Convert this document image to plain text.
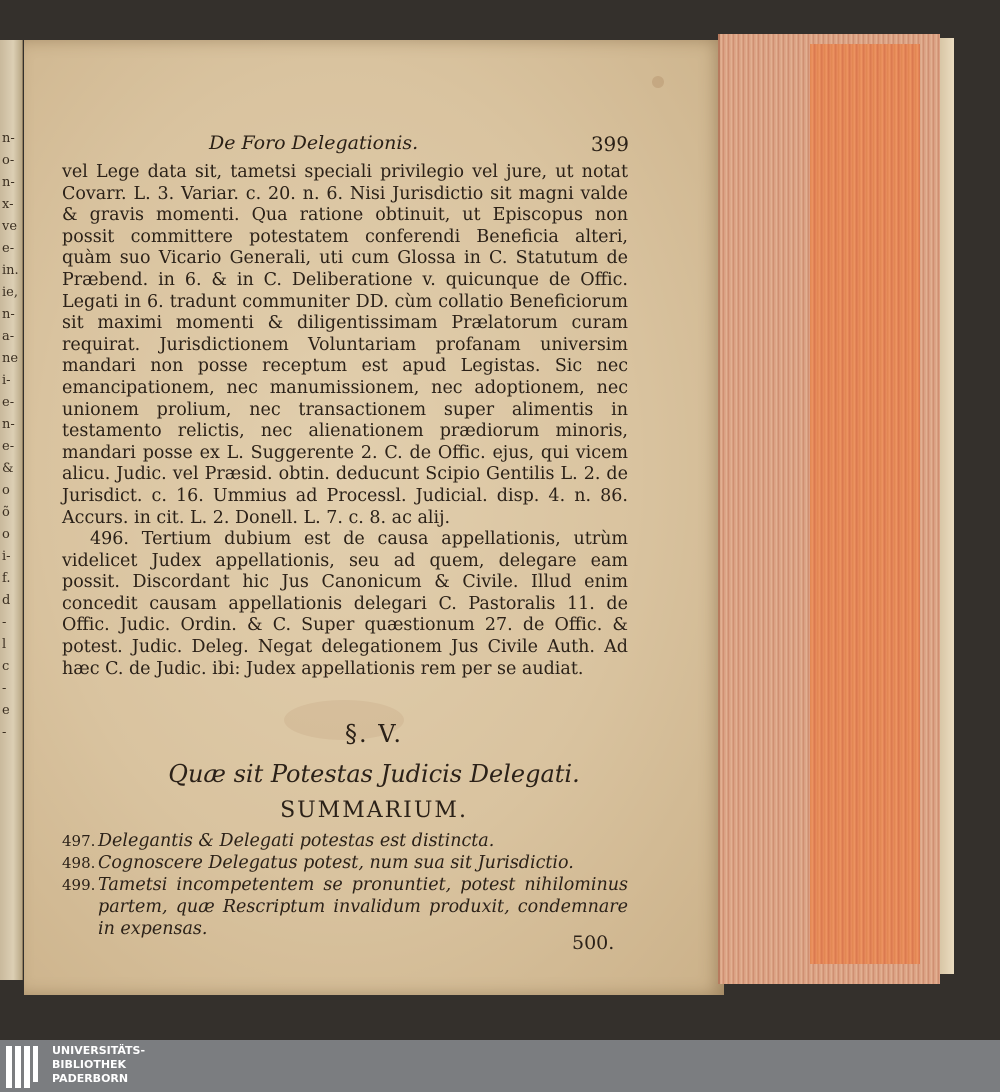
n-
o-
n-
x-
ve
e-
in.
ie,
n-
a-
ne
i-
e-
n-
e-
&
o
õ
o
i-
f.
d
-
l
c
-
e
-
De Foro Delegationis.	399

vel Lege data sit, tametsi speciali privilegio vel jure, ut notat Covarr. L. 3. Variar. c. 20. n. 6. Nisi Jurisdictio sit magni valde & gravis momenti. Qua ratione obtinuit, ut Episcopus non possit committere potestatem conferendi Beneficia alteri, quàm suo Vicario Generali, uti cum Glossa in C. Statutum de Præbend. in 6. & in C. Deliberatione v. quicunque de Offic. Legati in 6. tradunt communiter DD. cùm collatio Beneficiorum sit maximi momenti & diligentissimam Prælatorum curam requirat. Jurisdictionem Voluntariam profanam universim mandari non posse receptum est apud Legistas. Sic nec emancipationem, nec manumissionem, nec adoptionem, nec unionem prolium, nec transactionem super alimentis in testamento relictis, nec alienationem prædiorum minoris, mandari posse ex L. Suggerente 2. C. de Offic. ejus, qui vicem alicu. Judic. vel Præsid. obtin. deducunt Scipio Gentilis L. 2. de Jurisdict. c. 16. Ummius ad Processl. Judicial. disp. 4. n. 86. Accurs. in cit. L. 2. Donell. L. 7. c. 8. ac alij.

496. Tertium dubium est de causa appellationis, utrùm videlicet Judex appellationis, seu ad quem, delegare eam possit. Discordant hic Jus Canonicum & Civile. Illud enim concedit causam appellationis delegari C. Pastoralis 11. de Offic. Judic. Ordin. & C. Super quæstionum 27. de Offic. & potest. Judic. Deleg. Negat delegationem Jus Civile Auth. Ad hæc C. de Judic. ibi: Judex appellationis rem per se audiat.

§. V.
Quæ sit Potestas Judicis Delegati.
SUMMARIUM.
497. Delegantis & Delegati potestas est distincta.
498. Cognoscere Delegatus potest, num sua sit Jurisdictio.
499. Tametsi incompetentem se pronuntiet, potest nihilominus partem, quæ Rescriptum invalidum produxit, condemnare in expensas.
500.
UNIVERSITÄTS-
BIBLIOTHEK
PADERBORN
